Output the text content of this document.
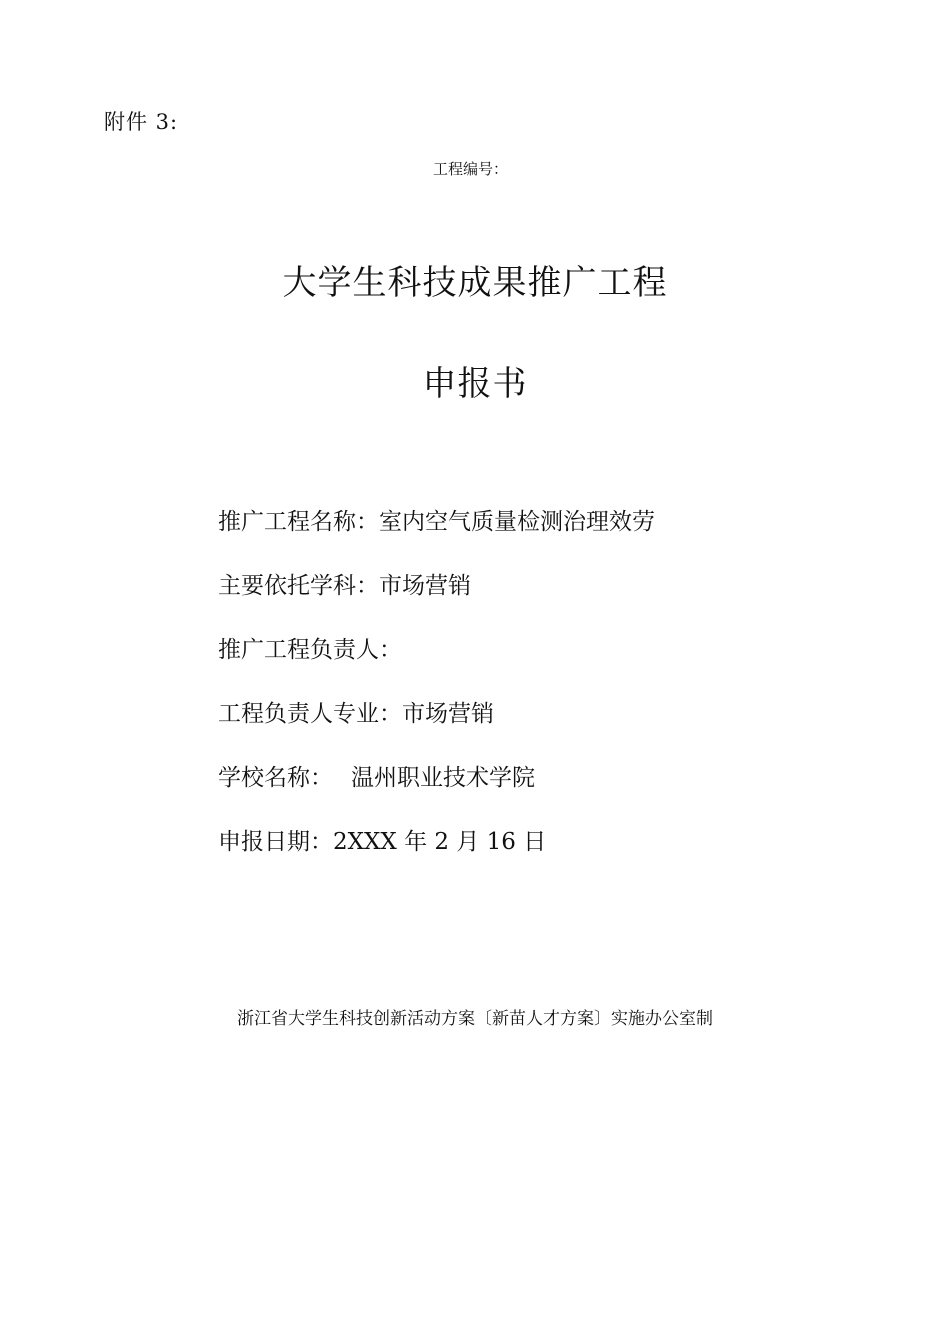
附件 3:
工程编号：
大学生科技成果推广工程
申报书
推广工程名称：室内空气质量检测治理效劳
主要依托学科：市场营销
推广工程负责人：
工程负责人专业：市场营销
学校名称： 温州职业技术学院
申报日期：2XXX 年 2 月 16 日
浙江省大学生科技创新活动方案〔新苗人才方案〕实施办公室制
